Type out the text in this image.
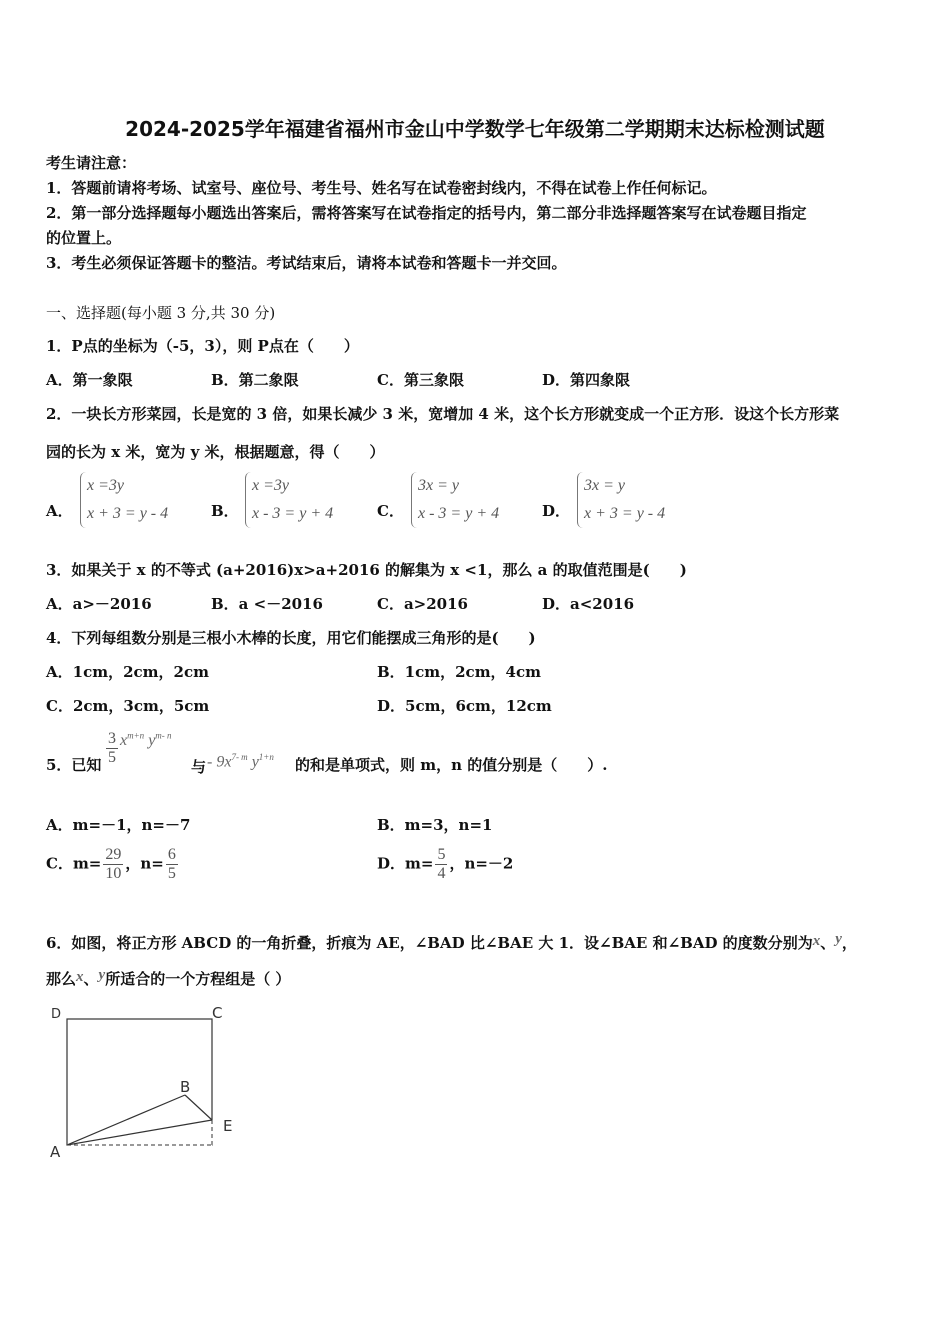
2024-2025学年福建省福州市金山中学数学七年级第二学期期末达标检测试题
考生请注意：
1．答题前请将考场、试室号、座位号、考生号、姓名写在试卷密封线内，不得在试卷上作任何标记。
2．第一部分选择题每小题选出答案后，需将答案写在试卷指定的括号内，第二部分非选择题答案写在试卷题目指定
的位置上。
3．考生必须保证答题卡的整洁。考试结束后，请将本试卷和答题卡一并交回。
一、选择题(每小题 3 分,共 30 分)
1．P点的坐标为（-5，3），则 P点在（　　）
A．第一象限	B．第二象限	C．第三象限	D．第四象限
2．一块长方形菜园，长是宽的 3 倍，如果长减少 3 米，宽增加 4 米，这个长方形就变成一个正方形．设这个长方形菜
园的长为 x 米，宽为 y 米，根据题意，得（　　）
A．
x =3y
x + 3 = y - 4	B．
x =3y
x - 3 = y + 4	C．
3x = y
x - 3 = y + 4	D．
3x = y
x + 3 = y - 4
3．如果关于 x 的不等式 (a+2016)x>a+2016 的解集为 x <1，那么 a 的取值范围是(　　)
A．a>－2016	B．a <－2016	C．a>2016	D．a<2016
4．下列每组数分别是三根小木棒的长度，用它们能摆成三角形的是(　　)
A．1cm，2cm，2cm	B．1cm，2cm，4cm
C．2cm，3cm，5cm	D．5cm，6cm，12cm
5．已知 $\frac{3}{5} x^{m+n}$ $y^{m- n}$
与 - $9x^{7- m}$ $y^{1+n}$ 的和是单项式，则 m，n 的值分别是（　　）.
A．m=－1，n=－7	B．m=3，n=1
C．$m= \frac{29}{10}$ ，$n= \frac{6}{5}$	D．$m= \frac{5}{4}$ ，n=－2
6．如图，将正方形 ABCD 的一角折叠，折痕为 AE，∠BAD 比∠BAE 大 1．设∠BAE 和∠BAD 的度数分别为x、y，
那么x、y所适合的一个方程组是（ ）
D	C
B
E
A
